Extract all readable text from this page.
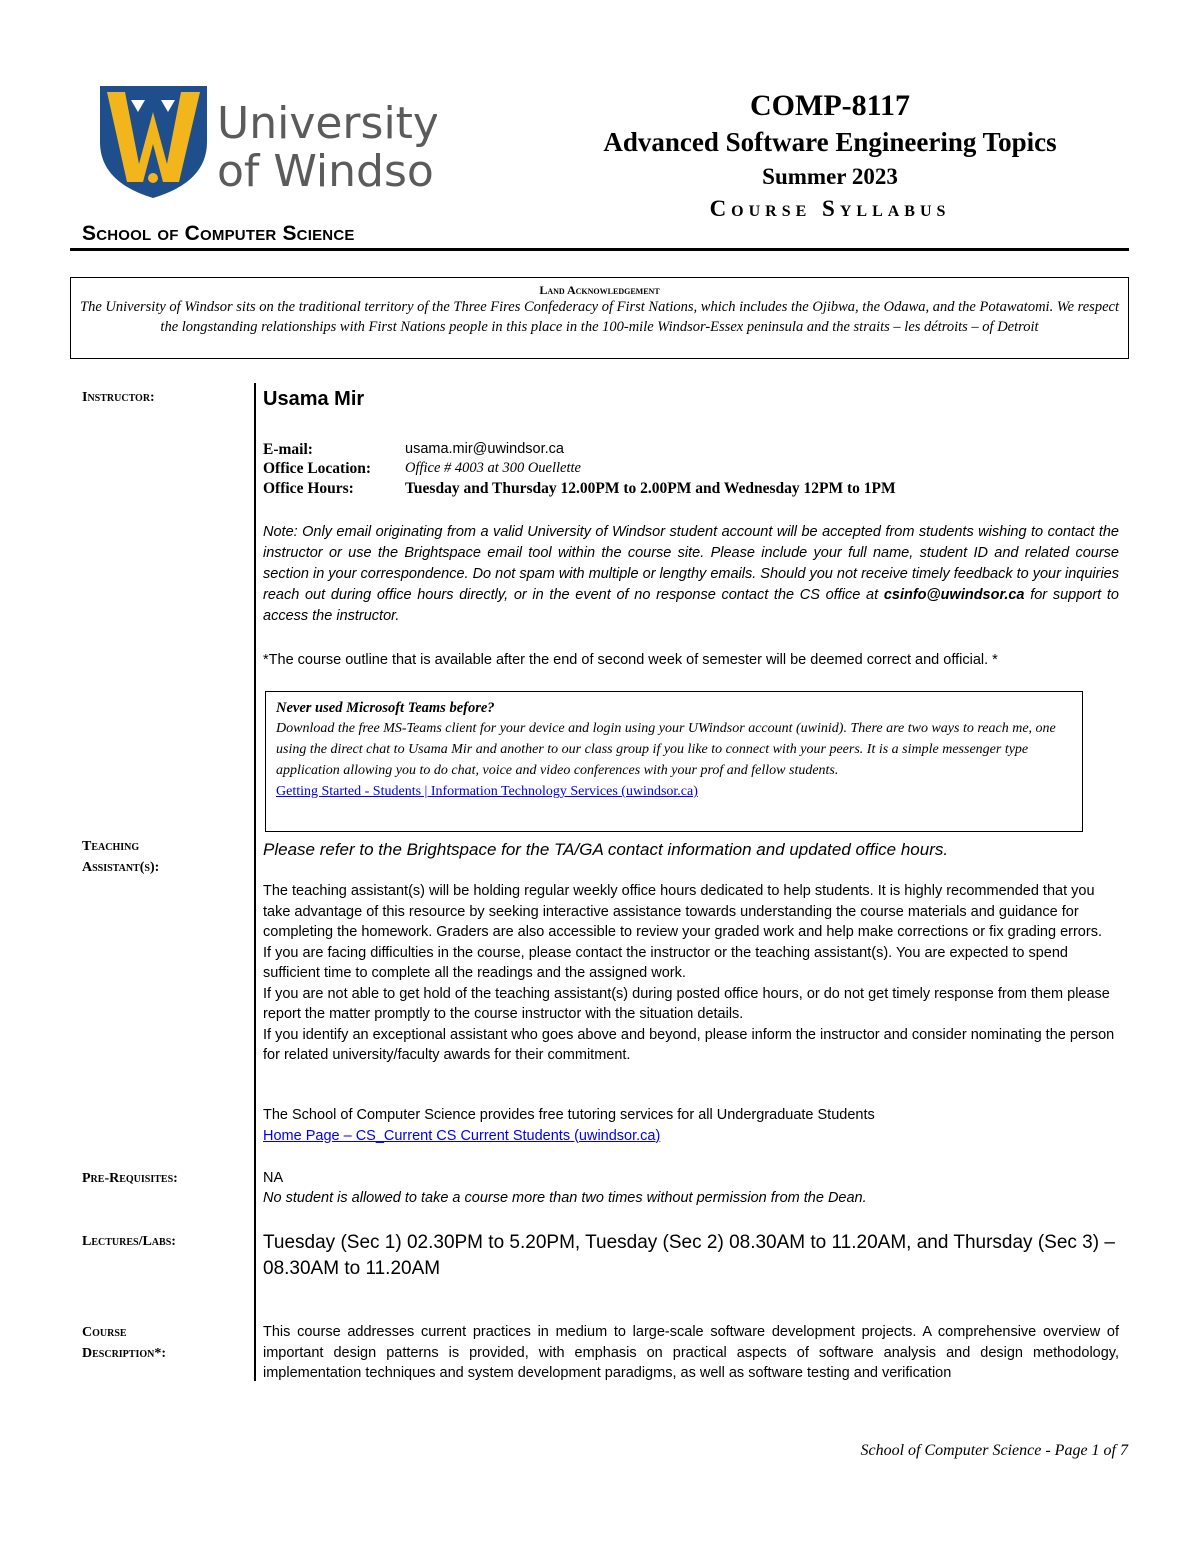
University
of Windsor
School of Computer Science
COMP-8117
Advanced Software Engineering Topics
Summer 2023
Course Syllabus
Land Acknowledgement
The University of Windsor sits on the traditional territory of the Three Fires Confederacy of First Nations, which includes the Ojibwa, the Odawa, and the Potawatomi. We respect the longstanding relationships with First Nations people in this place in the 100-mile Windsor-Essex peninsula and the straits – les détroits – of Detroit
Instructor:
Teaching
Assistant(s):
Pre-Requisites:
Lectures/Labs:
Course
Description*:
Usama Mir
E-mail:	usama.mir@uwindsor.ca
Office Location: Office # 4003 at 300 Ouellette
Office Hours:	Tuesday and Thursday 12.00PM to 2.00PM and Wednesday 12PM to 1PM
Note: Only email originating from a valid University of Windsor student account will be accepted from students wishing to contact the instructor or use the Brightspace email tool within the course site. Please include your full name, student ID and related course section in your correspondence. Do not spam with multiple or lengthy emails. Should you not receive timely feedback to your inquiries reach out during office hours directly, or in the event of no response contact the CS office at csinfo@uwindsor.ca for support to access the instructor.
*The course outline that is available after the end of second week of semester will be deemed correct and official. *
Never used Microsoft Teams before?
Download the free MS-Teams client for your device and login using your UWindsor account (uwinid). There are two ways to reach me, one using the direct chat to Usama Mir and another to our class group if you like to connect with your peers. It is a simple messenger type application allowing you to do chat, voice and video conferences with your prof and fellow students.
Getting Started - Students | Information Technology Services (uwindsor.ca)
Please refer to the Brightspace for the TA/GA contact information and updated office hours.

The teaching assistant(s) will be holding regular weekly office hours dedicated to help students. It is highly recommended that you take advantage of this resource by seeking interactive assistance towards understanding the course materials and guidance for completing the homework. Graders are also accessible to review your graded work and help make corrections or fix grading errors.

If you are facing difficulties in the course, please contact the instructor or the teaching assistant(s). You are expected to spend sufficient time to complete all the readings and the assigned work.

If you are not able to get hold of the teaching assistant(s) during posted office hours, or do not get timely response from them please report the matter promptly to the course instructor with the situation details.

If you identify an exceptional assistant who goes above and beyond, please inform the instructor and consider nominating the person for related university/faculty awards for their commitment.

The School of Computer Science provides free tutoring services for all Undergraduate Students
Home Page – CS_Current CS Current Students (uwindsor.ca)
NA
No student is allowed to take a course more than two times without permission from the Dean.
Tuesday (Sec 1) 02.30PM to 5.20PM, Tuesday (Sec 2) 08.30AM to 11.20AM, and Thursday (Sec 3) – 08.30AM to 11.20AM
This course addresses current practices in medium to large-scale software development projects. A comprehensive overview of important design patterns is provided, with emphasis on practical aspects of software analysis and design methodology, implementation techniques and system development paradigms, as well as software testing and verification
School of Computer Science - Page 1 of 7
